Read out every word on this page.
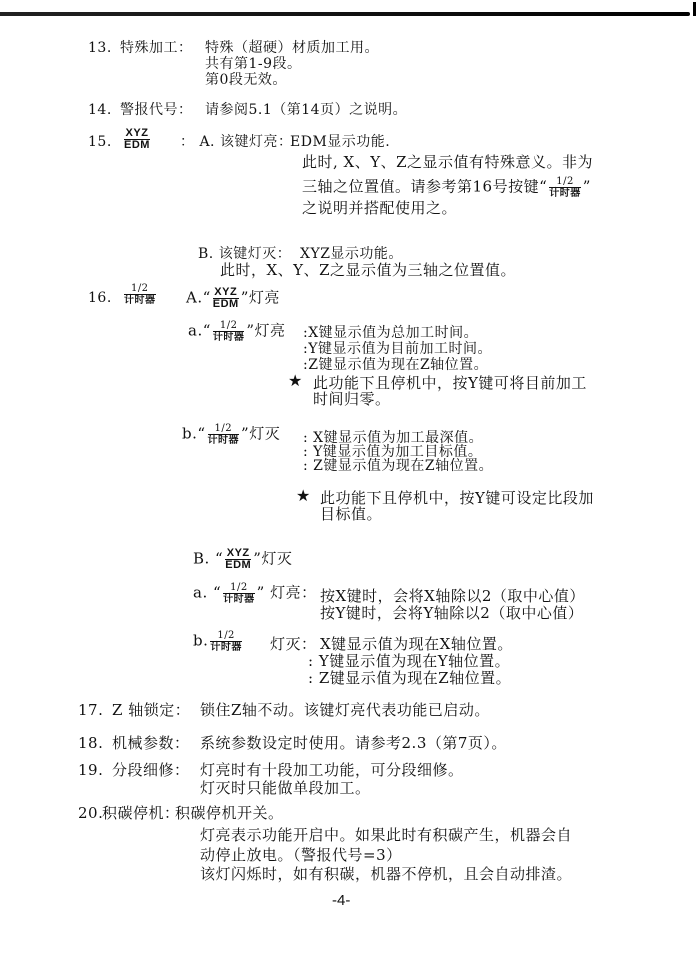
13. 特殊加工： 特殊（超硬）材质加工用。
共有第1-9段。
第0段无效。
14. 警报代号： 请参阅5.1（第14页）之说明。
15. $\frac{\text{XYZ}}{\text{EDM}}$ ： A. 该键灯亮：
EDM显示功能.
此时, X、Y、Z之显示值有特殊意义。非为
三轴之位置值。请参考第16号按键“ $\frac{1/2}{\text{计时器}}$ ”
之说明并搭配使用之。
B. 该键灯灭： XYZ显示功能。
此时，X、Y、Z之显示值为三轴之位置值。
16. $\frac{1/2}{\text{计时器}}$ A.“ $\frac{\text{XYZ}}{\text{EDM}}$ ”灯亮
a.“ $\frac{1/2}{\text{计时器}}$ ”灯亮 :X键显示值为总加工时间。
:Y键显示值为目前加工时间。
:Z键显示值为现在Z轴位置。
★ 此功能下且停机中，按Y键可将目前加工
时间归零。
b.“ $\frac{1/2}{\text{计时器}}$ ”灯灭 : X键显示值为加工最深值。
: Y键显示值为加工目标值。
: Z键显示值为现在Z轴位置。
★ 此功能下且停机中，按Y键可设定比段加
目标值。
B. “ $\frac{\text{XYZ}}{\text{EDM}}$ ”灯灭
a. “ $\frac{1/2}{\text{计时器}}$ ” 灯亮： 按X键时，会将X轴除以2（取中心值）
按Y键时，会将Y轴除以2（取中心值）
b. $\frac{1/2}{\text{计时器}}$ 灯灭： X键显示值为现在X轴位置。
: Y键显示值为现在Y轴位置。
: Z键显示值为现在Z轴位置。
17. Z 轴锁定： 锁住Z轴不动。该键灯亮代表功能已启动。
18. 机械参数： 系统参数设定时使用。请参考2.3（第7页）。
19. 分段细修： 灯亮时有十段加工功能，可分段细修。
灯灭时只能做单段加工。
20.
积碳停机：
积碳停机开关。
灯亮表示功能开启中。如果此时有积碳产生，机器会自
动停止放电。（警报代号=3）
该灯闪烁时，如有积碳，机器不停机，且会自动排渣。
-4-
